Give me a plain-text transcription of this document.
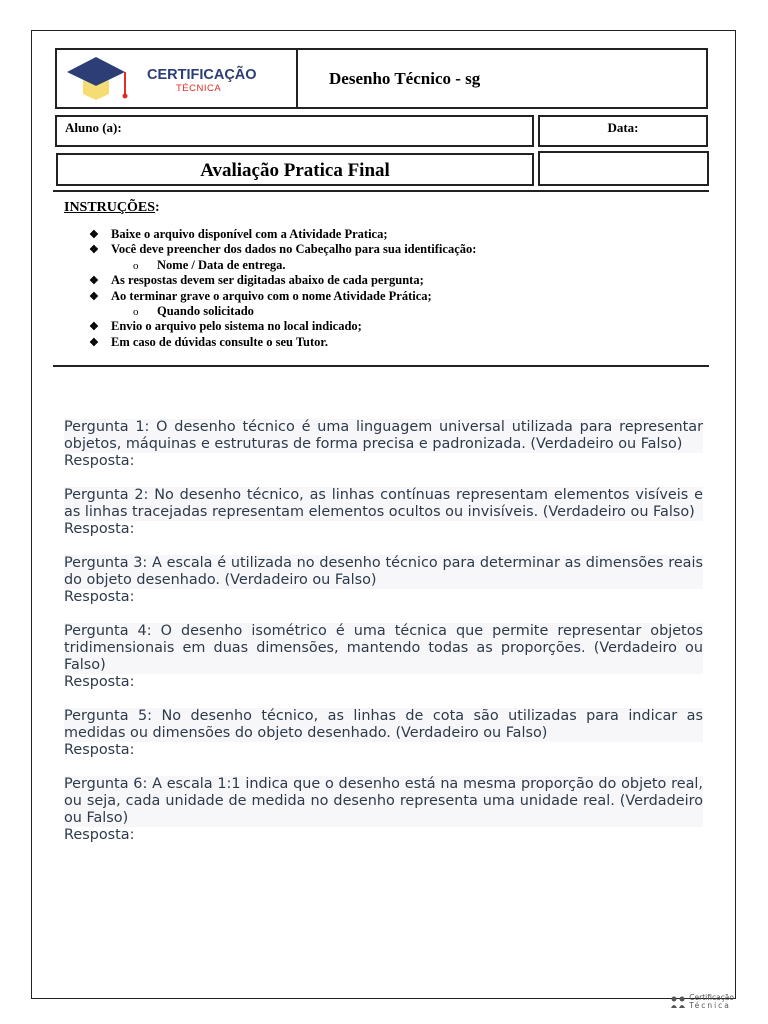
CERTIFICAÇÃO
TÉCNICA
Desenho Técnico - sg
Aluno (a):	Data:
Avaliação Pratica Final
INSTRUÇÕES:
❖ Baixe o arquivo disponível com a Atividade Pratica;
❖ Você deve preencher dos dados no Cabeçalho para sua identificação:
o Nome / Data de entrega.
❖ As respostas devem ser digitadas abaixo de cada pergunta;
❖ Ao terminar grave o arquivo com o nome Atividade Prática;
o Quando solicitado
❖ Envio o arquivo pelo sistema no local indicado;
❖ Em caso de dúvidas consulte o seu Tutor.
Pergunta 1: O desenho técnico é uma linguagem universal utilizada para representar objetos, máquinas e estruturas de forma precisa e padronizada. (Verdadeiro ou Falso)
Resposta:
Pergunta 2: No desenho técnico, as linhas contínuas representam elementos visíveis e as linhas tracejadas representam elementos ocultos ou invisíveis. (Verdadeiro ou Falso)
Resposta:
Pergunta 3: A escala é utilizada no desenho técnico para determinar as dimensões reais do objeto desenhado. (Verdadeiro ou Falso)
Resposta:
Pergunta 4: O desenho isométrico é uma técnica que permite representar objetos tridimensionais em duas dimensões, mantendo todas as proporções. (Verdadeiro ou Falso)
Resposta:
Pergunta 5: No desenho técnico, as linhas de cota são utilizadas para indicar as medidas ou dimensões do objeto desenhado. (Verdadeiro ou Falso)
Resposta:
Pergunta 6: A escala 1:1 indica que o desenho está na mesma proporção do objeto real, ou seja, cada unidade de medida no desenho representa uma unidade real. (Verdadeiro ou Falso)
Resposta:
Certificação
Técnica
